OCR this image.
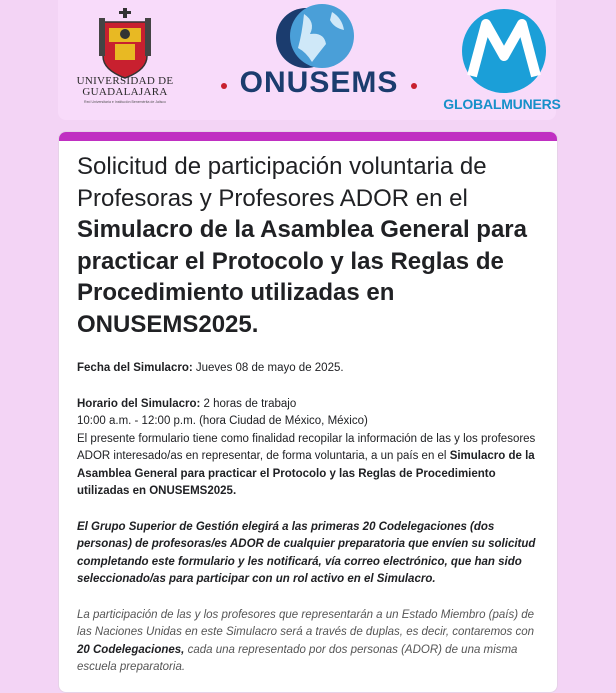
UNIVERSIDAD DE
GUADALAJARA
Red Universitaria e Institución Benemérita de Jalisco
ONUSEMS
GLOBALMUNERS
Solicitud de participación voluntaria de Profesoras y Profesores ADOR en el Simulacro de la Asamblea General para practicar el Protocolo y las Reglas de Procedimiento utilizadas en ONUSEMS2025.

Fecha del Simulacro: Jueves 08 de mayo de 2025.

Horario del Simulacro: 2 horas de trabajo

10:00 a.m. - 12:00 p.m. (hora Ciudad de México, México)

El presente formulario tiene como finalidad recopilar la información de las y los profesores ADOR interesado/as en representar, de forma voluntaria, a un país en el Simulacro de la Asamblea General para practicar el Protocolo y las Reglas de Procedimiento utilizadas en ONUSEMS2025.

El Grupo Superior de Gestión elegirá a las primeras 20 Codelegaciones (dos personas) de profesoras/es ADOR de cualquier preparatoria que envíen su solicitud completando este formulario y les notificará, vía correo electrónico, que han sido seleccionado/as para participar con un rol activo en el Simulacro.

La participación de las y los profesores que representarán a un Estado Miembro (país) de las Naciones Unidas en este Simulacro será a través de duplas, es decir, contaremos con 20 Codelegaciones, cada una representado por dos personas (ADOR) de una misma escuela preparatoria.
